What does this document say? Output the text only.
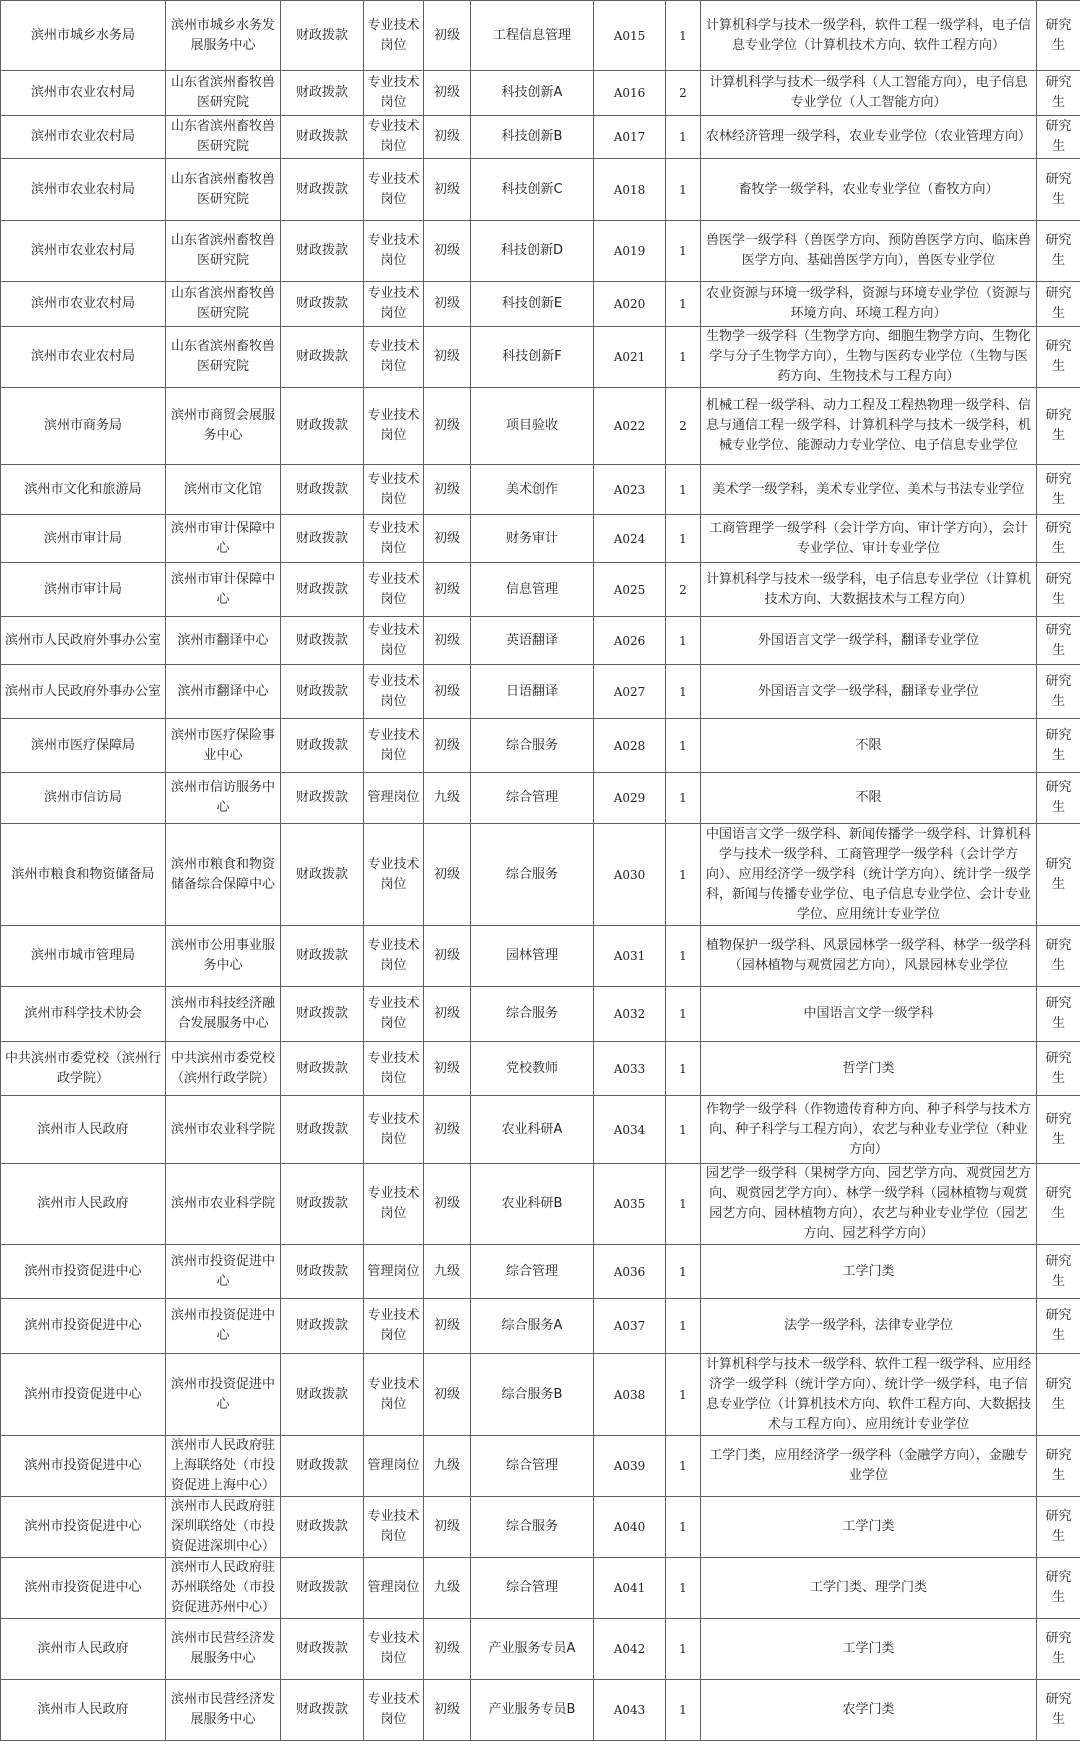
滨州市城乡水务局	滨州市城乡水务发展服务中心	财政拨款	专业技术岗位	初级	工程信息管理	A015	1	计算机科学与技术一级学科，软件工程一级学科，电子信息专业学位（计算机技术方向、软件工程方向）	研究生
滨州市农业农村局	山东省滨州畜牧兽医研究院	财政拨款	专业技术岗位	初级	科技创新A	A016	2	计算机科学与技术一级学科（人工智能方向），电子信息专业学位（人工智能方向）	研究生
滨州市农业农村局	山东省滨州畜牧兽医研究院	财政拨款	专业技术岗位	初级	科技创新B	A017	1	农林经济管理一级学科，农业专业学位（农业管理方向）	研究生
滨州市农业农村局	山东省滨州畜牧兽医研究院	财政拨款	专业技术岗位	初级	科技创新C	A018	1	畜牧学一级学科，农业专业学位（畜牧方向）	研究生
滨州市农业农村局	山东省滨州畜牧兽医研究院	财政拨款	专业技术岗位	初级	科技创新D	A019	1	兽医学一级学科（兽医学方向、预防兽医学方向、临床兽医学方向、基础兽医学方向），兽医专业学位	研究生
滨州市农业农村局	山东省滨州畜牧兽医研究院	财政拨款	专业技术岗位	初级	科技创新E	A020	1	农业资源与环境一级学科，资源与环境专业学位（资源与环境方向、环境工程方向）	研究生
滨州市农业农村局	山东省滨州畜牧兽医研究院	财政拨款	专业技术岗位	初级	科技创新F	A021	1	生物学一级学科（生物学方向、细胞生物学方向、生物化学与分子生物学方向），生物与医药专业学位（生物与医药方向、生物技术与工程方向）	研究生
滨州市商务局	滨州市商贸会展服务中心	财政拨款	专业技术岗位	初级	项目验收	A022	2	机械工程一级学科、动力工程及工程热物理一级学科、信息与通信工程一级学科、计算机科学与技术一级学科，机械专业学位、能源动力专业学位、电子信息专业学位	研究生
滨州市文化和旅游局	滨州市文化馆	财政拨款	专业技术岗位	初级	美术创作	A023	1	美术学一级学科，美术专业学位、美术与书法专业学位	研究生
滨州市审计局	滨州市审计保障中心	财政拨款	专业技术岗位	初级	财务审计	A024	1	工商管理学一级学科（会计学方向、审计学方向），会计专业学位、审计专业学位	研究生
滨州市审计局	滨州市审计保障中心	财政拨款	专业技术岗位	初级	信息管理	A025	2	计算机科学与技术一级学科，电子信息专业学位（计算机技术方向、大数据技术与工程方向）	研究生
滨州市人民政府外事办公室	滨州市翻译中心	财政拨款	专业技术岗位	初级	英语翻译	A026	1	外国语言文学一级学科，翻译专业学位	研究生
滨州市人民政府外事办公室	滨州市翻译中心	财政拨款	专业技术岗位	初级	日语翻译	A027	1	外国语言文学一级学科，翻译专业学位	研究生
滨州市医疗保障局	滨州市医疗保险事业中心	财政拨款	专业技术岗位	初级	综合服务	A028	1	不限	研究生
滨州市信访局	滨州市信访服务中心	财政拨款	管理岗位	九级	综合管理	A029	1	不限	研究生
滨州市粮食和物资储备局	滨州市粮食和物资储备综合保障中心	财政拨款	专业技术岗位	初级	综合服务	A030	1	中国语言文学一级学科、新闻传播学一级学科、计算机科学与技术一级学科、工商管理学一级学科（会计学方向）、应用经济学一级学科（统计学方向）、统计学一级学科，新闻与传播专业学位、电子信息专业学位、会计专业学位、应用统计专业学位	研究生
滨州市城市管理局	滨州市公用事业服务中心	财政拨款	专业技术岗位	初级	园林管理	A031	1	植物保护一级学科、风景园林学一级学科、林学一级学科（园林植物与观赏园艺方向），风景园林专业学位	研究生
滨州市科学技术协会	滨州市科技经济融合发展服务中心	财政拨款	专业技术岗位	初级	综合服务	A032	1	中国语言文学一级学科	研究生
中共滨州市委党校（滨州行政学院）	中共滨州市委党校（滨州行政学院）	财政拨款	专业技术岗位	初级	党校教师	A033	1	哲学门类	研究生
滨州市人民政府	滨州市农业科学院	财政拨款	专业技术岗位	初级	农业科研A	A034	1	作物学一级学科（作物遗传育种方向、种子科学与技术方向、种子科学与工程方向），农艺与种业专业学位（种业方向）	研究生
滨州市人民政府	滨州市农业科学院	财政拨款	专业技术岗位	初级	农业科研B	A035	1	园艺学一级学科（果树学方向、园艺学方向、观赏园艺方向、观赏园艺学方向）、林学一级学科（园林植物与观赏园艺方向、园林植物方向），农艺与种业专业学位（园艺方向、园艺科学方向）	研究生
滨州市投资促进中心	滨州市投资促进中心	财政拨款	管理岗位	九级	综合管理	A036	1	工学门类	研究生
滨州市投资促进中心	滨州市投资促进中心	财政拨款	专业技术岗位	初级	综合服务A	A037	1	法学一级学科，法律专业学位	研究生
滨州市投资促进中心	滨州市投资促进中心	财政拨款	专业技术岗位	初级	综合服务B	A038	1	计算机科学与技术一级学科、软件工程一级学科、应用经济学一级学科（统计学方向）、统计学一级学科，电子信息专业学位（计算机技术方向、软件工程方向、大数据技术与工程方向）、应用统计专业学位	研究生
滨州市投资促进中心	滨州市人民政府驻上海联络处（市投资促进上海中心）	财政拨款	管理岗位	九级	综合管理	A039	1	工学门类，应用经济学一级学科（金融学方向），金融专业学位	研究生
滨州市投资促进中心	滨州市人民政府驻深圳联络处（市投资促进深圳中心）	财政拨款	专业技术岗位	初级	综合服务	A040	1	工学门类	研究生
滨州市投资促进中心	滨州市人民政府驻苏州联络处（市投资促进苏州中心）	财政拨款	管理岗位	九级	综合管理	A041	1	工学门类、理学门类	研究生
滨州市人民政府	滨州市民营经济发展服务中心	财政拨款	专业技术岗位	初级	产业服务专员A	A042	1	工学门类	研究生
滨州市人民政府	滨州市民营经济发展服务中心	财政拨款	专业技术岗位	初级	产业服务专员B	A043	1	农学门类	研究生
